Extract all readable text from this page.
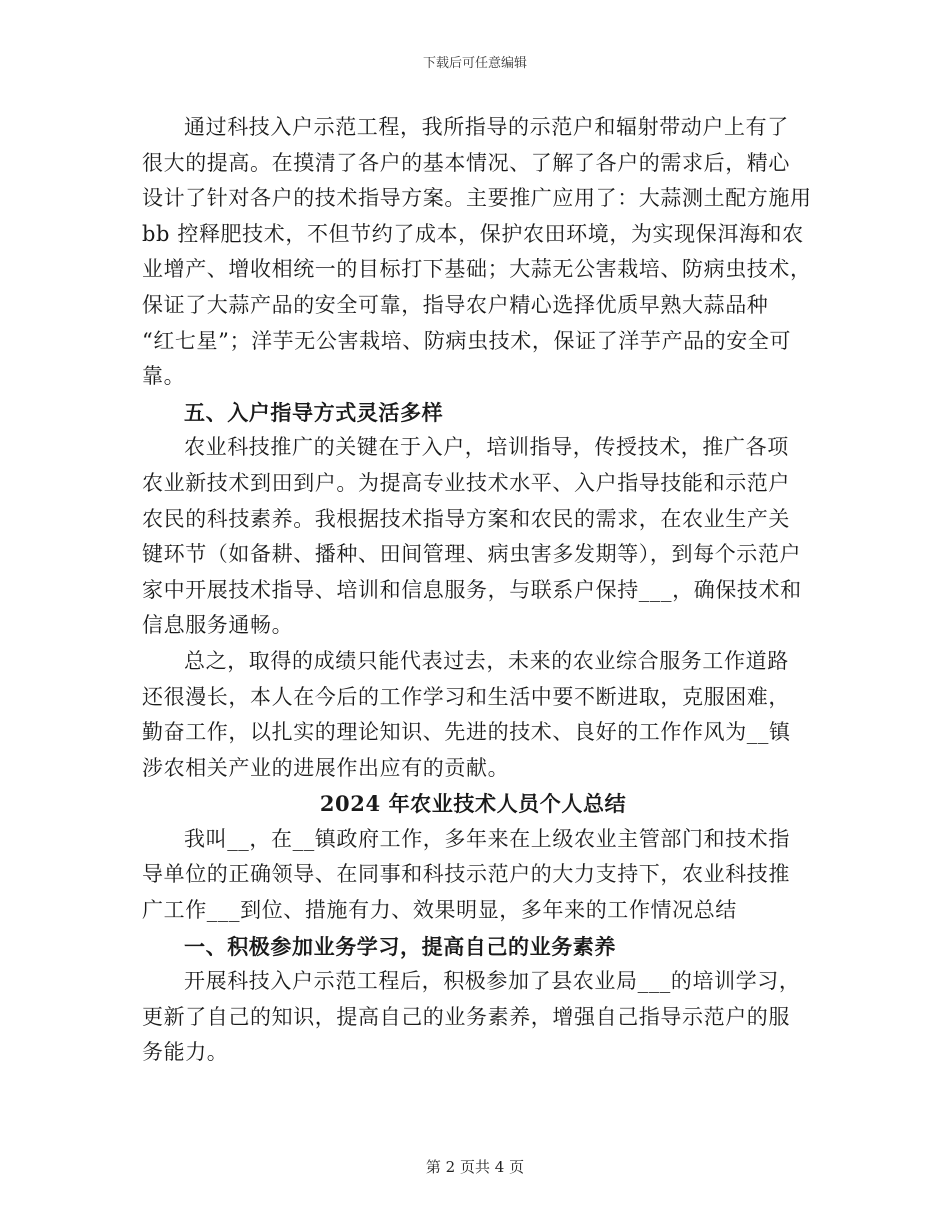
下载后可任意编辑

通过科技入户示范工程，我所指导的示范户和辐射带动户上有了
很大的提高。在摸清了各户的基本情况、了解了各户的需求后，精心
设计了针对各户的技术指导方案。主要推广应用了：大蒜测土配方施用
bb 控释肥技术，不但节约了成本，保护农田环境，为实现保洱海和农
业增产、增收相统一的目标打下基础；大蒜无公害栽培、防病虫技术，
保证了大蒜产品的安全可靠，指导农户精心选择优质早熟大蒜品种
“红七星”；洋芋无公害栽培、防病虫技术，保证了洋芋产品的安全可
靠。

五、入户指导方式灵活多样

农业科技推广的关键在于入户，培训指导，传授技术，推广各项
农业新技术到田到户。为提高专业技术水平、入户指导技能和示范户
农民的科技素养。我根据技术指导方案和农民的需求，在农业生产关
键环节（如备耕、播种、田间管理、病虫害多发期等），到每个示范户
家中开展技术指导、培训和信息服务，与联系户保持___，确保技术和
信息服务通畅。

总之，取得的成绩只能代表过去，未来的农业综合服务工作道路
还很漫长，本人在今后的工作学习和生活中要不断进取，克服困难，
勤奋工作，以扎实的理论知识、先进的技术、良好的工作作风为__镇
涉农相关产业的进展作出应有的贡献。

2024 年农业技术人员个人总结

我叫__，在__镇政府工作，多年来在上级农业主管部门和技术指
导单位的正确领导、在同事和科技示范户的大力支持下，农业科技推
广工作___到位、措施有力、效果明显，多年来的工作情况总结

一、积极参加业务学习，提高自己的业务素养

开展科技入户示范工程后，积极参加了县农业局___的培训学习，
更新了自己的知识，提高自己的业务素养，增强自己指导示范户的服
务能力。

第 2 页共 4 页
